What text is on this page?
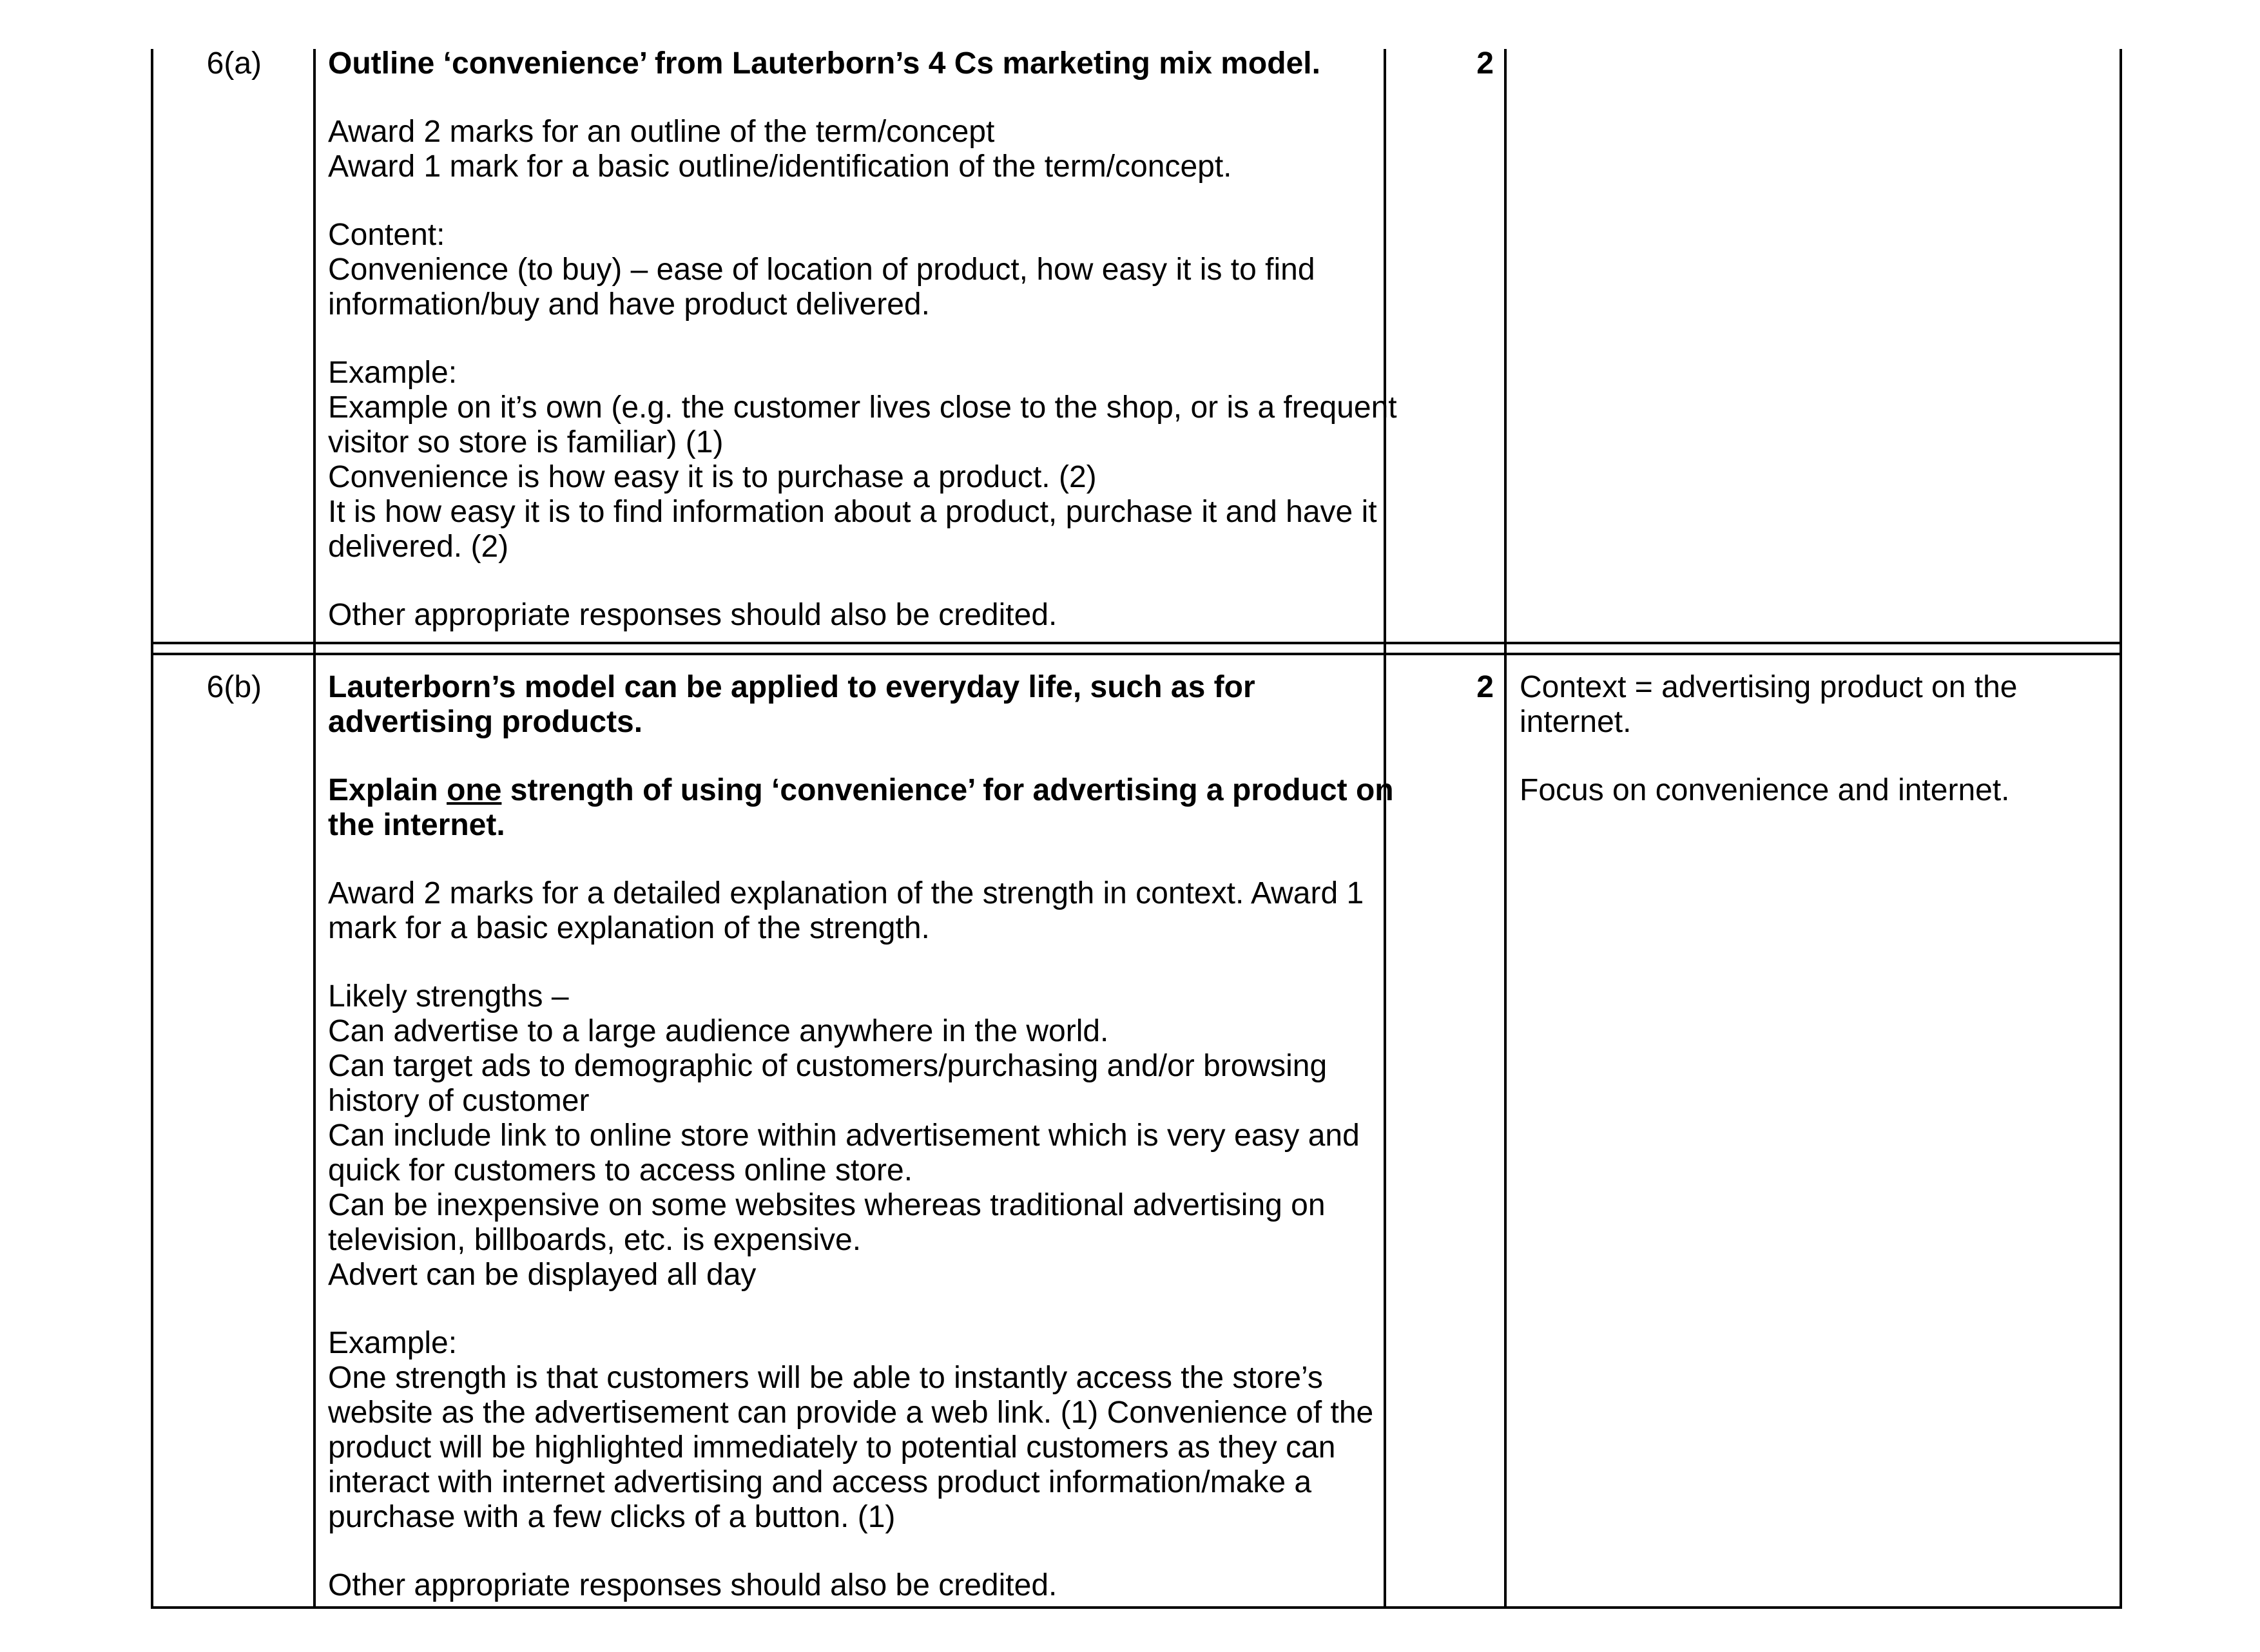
6(a)	2
Outline ‘convenience’ from Lauterborn’s 4 Cs marketing mix model.
Award 2 marks for an outline of the term/concept
Award 1 mark for a basic outline/identification of the term/concept.
Content:
Convenience (to buy) – ease of location of product, how easy it is to find
information/buy and have product delivered.
Example:
Example on it’s own (e.g. the customer lives close to the shop, or is a frequent
visitor so store is familiar) (1)
Convenience is how easy it is to purchase a product. (2)
It is how easy it is to find information about a product, purchase it and have it
delivered. (2)
Other appropriate responses should also be credited.
6(b)	2
Lauterborn’s model can be applied to everyday life, such as for
advertising products.
Explain one strength of using ‘convenience’ for advertising a product on
the internet.
Award 2 marks for a detailed explanation of the strength in context. Award 1
mark for a basic explanation of the strength.
Likely strengths –
Can advertise to a large audience anywhere in the world.
Can target ads to demographic of customers/purchasing and/or browsing
history of customer
Can include link to online store within advertisement which is very easy and
quick for customers to access online store.
Can be inexpensive on some websites whereas traditional advertising on
television, billboards, etc. is expensive.
Advert can be displayed all day
Example:
One strength is that customers will be able to instantly access the store’s
website as the advertisement can provide a web link. (1) Convenience of the
product will be highlighted immediately to potential customers as they can
interact with internet advertising and access product information/make a
purchase with a few clicks of a button. (1)
Other appropriate responses should also be credited.
Context = advertising product on the
internet.
Focus on convenience and internet.
